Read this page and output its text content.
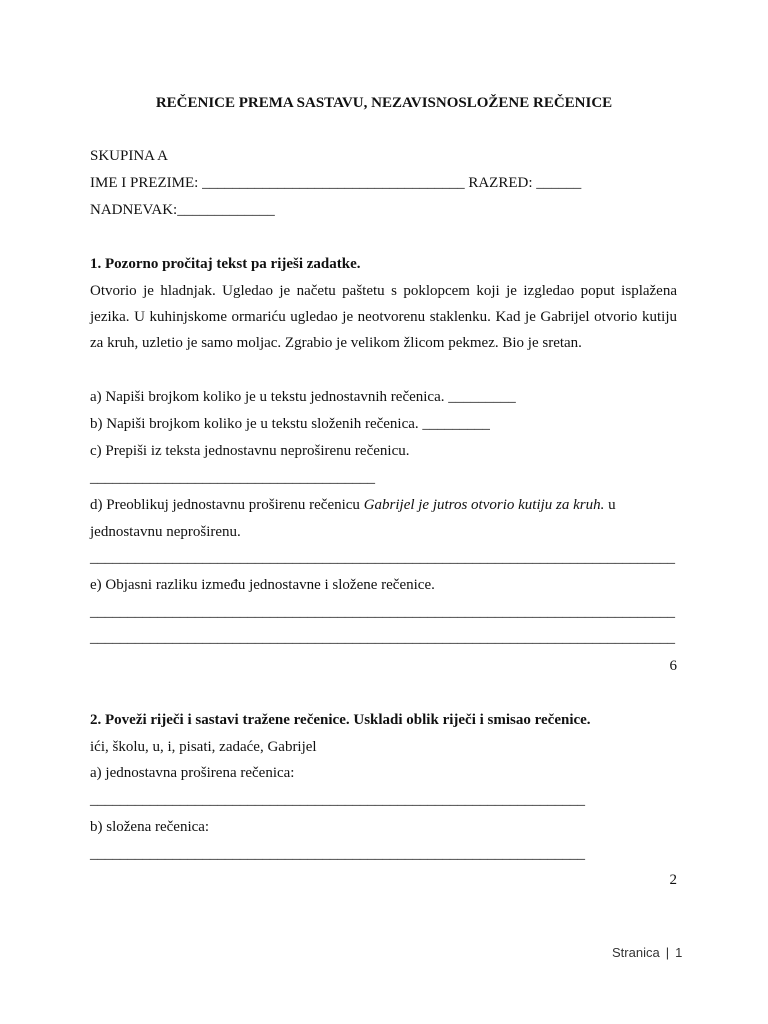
REČENICE PREMA SASTAVU, NEZAVISNOSLOŽENE REČENICE
SKUPINA A
IME I PREZIME: ___________________________________ RAZRED: ______
NADNEVAK:_____________
1. Pozorno pročitaj tekst pa riješi zadatke.
Otvorio je hladnjak. Ugledao je načetu paštetu s poklopcem koji je izgledao poput isplažena
jezika. U kuhinjskome ormariću ugledao je neotvorenu staklenku. Kad je Gabrijel otvorio kutiju
za kruh, uzletio je samo moljac. Zgrabio je velikom žlicom pekmez. Bio je sretan.
a) Napiši brojkom koliko je u tekstu jednostavnih rečenica. _________
b) Napiši brojkom koliko je u tekstu složenih rečenica. _________
c) Prepiši iz teksta jednostavnu neproširenu rečenicu.
______________________________________
d) Preoblikuj jednostavnu proširenu rečenicu Gabrijel je jutros otvorio kutiju za kruh. u
jednostavnu neproširenu.
______________________________________________________________________________
e) Objasni razliku između jednostavne i složene rečenice.
______________________________________________________________________________
______________________________________________________________________________
6
2. Poveži riječi i sastavi tražene rečenice. Uskladi oblik riječi i smisao rečenice.
ići, školu, u, i, pisati, zadaće, Gabrijel
a) jednostavna proširena rečenica:
__________________________________________________________________
b) složena rečenica:
__________________________________________________________________
2
Stranica | 1
